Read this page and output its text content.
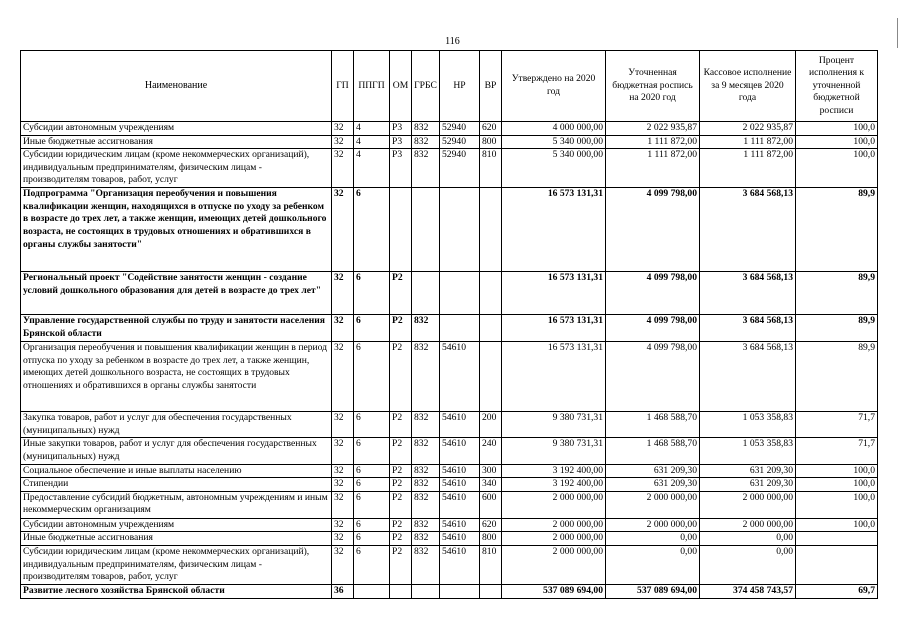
116
Наименование	ГП	ППГП	ОМ	ГРБС	НР	ВР	Утверждено на 2020 год	Уточненная бюджетная роспись на 2020 год	Кассовое исполнение за 9 месяцев 2020 года	Процент исполнения к уточненной бюджетной росписи
Субсидии автономным учреждениям	32	4	Р3	832	52940	620	4 000 000,00	2 022 935,87	2 022 935,87	100,0
Иные бюджетные ассигнования	32	4	Р3	832	52940	800	5 340 000,00	1 111 872,00	1 111 872,00	100,0
Субсидии юридическим лицам (кроме некоммерческих организаций), индивидуальным предпринимателям, физическим лицам - производителям товаров, работ, услуг	32	4	Р3	832	52940	810	5 340 000,00	1 111 872,00	1 111 872,00	100,0
Подпрограмма "Организация переобучения и повышения квалификации женщин, находящихся в отпуске по уходу за ребенком в возрасте до трех лет, а также женщин, имеющих детей дошкольного возраста, не состоящих в трудовых отношениях и обратившихся в органы службы занятости"	32	6					16 573 131,31	4 099 798,00	3 684 568,13	89,9
Региональный проект "Содействие занятости женщин - создание условий дошкольного образования для детей в возрасте до трех лет"	32	6	Р2				16 573 131,31	4 099 798,00	3 684 568,13	89,9
Управление государственной службы по труду и занятости населения Брянской области	32	6	Р2	832			16 573 131,31	4 099 798,00	3 684 568,13	89,9
Организация переобучения и повышения квалификации женщин в период отпуска по уходу за ребенком в возрасте до трех лет, а также женщин, имеющих детей дошкольного возраста, не состоящих в трудовых отношениях и обратившихся в органы службы занятости	32	6	Р2	832	54610		16 573 131,31	4 099 798,00	3 684 568,13	89,9
Закупка товаров, работ и услуг для обеспечения государственных (муниципальных) нужд	32	6	Р2	832	54610	200	9 380 731,31	1 468 588,70	1 053 358,83	71,7
Иные закупки товаров, работ и услуг для обеспечения государственных (муниципальных) нужд	32	6	Р2	832	54610	240	9 380 731,31	1 468 588,70	1 053 358,83	71,7
Социальное обеспечение и иные выплаты населению	32	6	Р2	832	54610	300	3 192 400,00	631 209,30	631 209,30	100,0
Стипендии	32	6	Р2	832	54610	340	3 192 400,00	631 209,30	631 209,30	100,0
Предоставление субсидий бюджетным, автономным учреждениям и иным некоммерческим организациям	32	6	Р2	832	54610	600	2 000 000,00	2 000 000,00	2 000 000,00	100,0
Субсидии автономным учреждениям	32	6	Р2	832	54610	620	2 000 000,00	2 000 000,00	2 000 000,00	100,0
Иные бюджетные ассигнования	32	6	Р2	832	54610	800	2 000 000,00	0,00	0,00	
Субсидии юридическим лицам (кроме некоммерческих организаций), индивидуальным предпринимателям, физическим лицам - производителям товаров, работ, услуг	32	6	Р2	832	54610	810	2 000 000,00	0,00	0,00	
Развитие лесного хозяйства Брянской области	36						537 089 694,00	537 089 694,00	374 458 743,57	69,7
